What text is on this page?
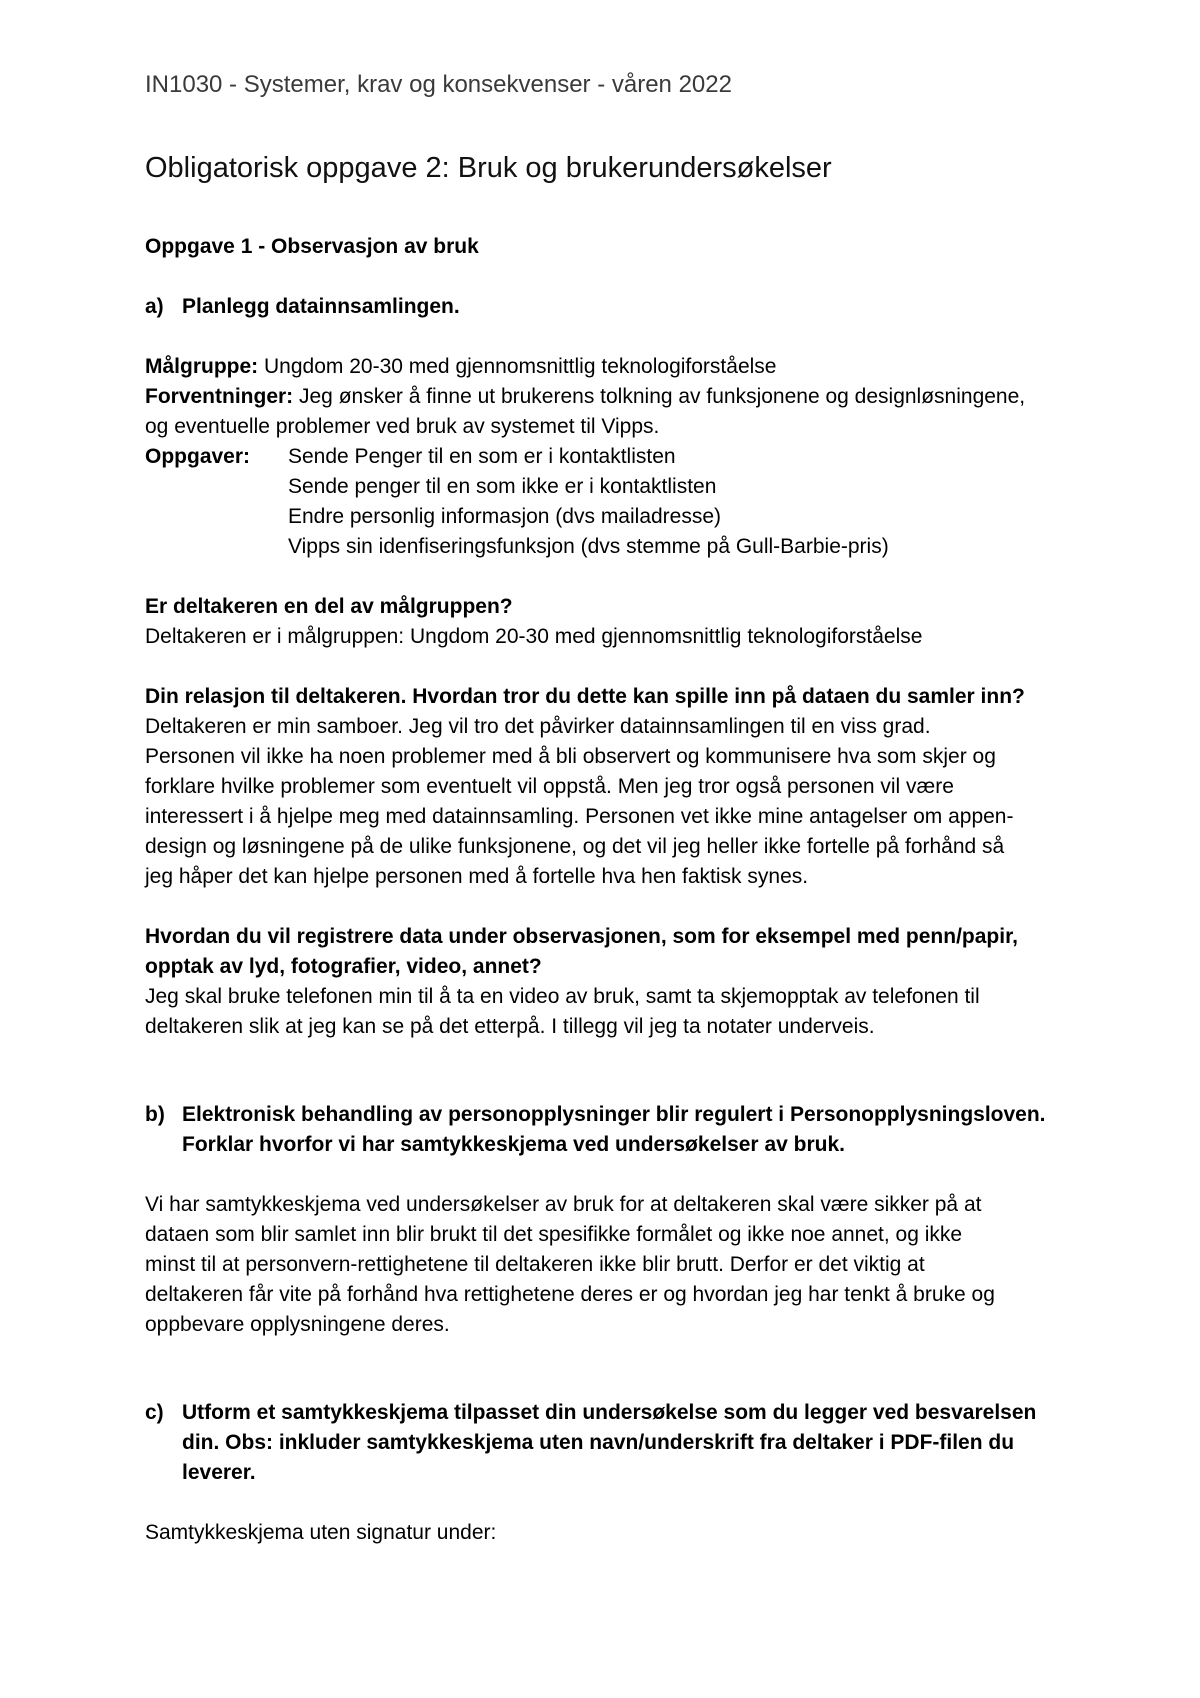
IN1030 - Systemer, krav og konsekvenser - våren 2022

Obligatorisk oppgave 2: Bruk og brukerundersøkelser

Oppgave 1 - Observasjon av bruk

a) Planlegg datainnsamlingen.

Målgruppe: Ungdom 20-30 med gjennomsnittlig teknologiforståelse

Forventninger: Jeg ønsker å finne ut brukerens tolkning av funksjonene og designløsningene,

og eventuelle problemer ved bruk av systemet til Vipps.

Oppgaver:	Sende Penger til en som er i kontaktlisten

Sende penger til en som ikke er i kontaktlisten

Endre personlig informasjon (dvs mailadresse)

Vipps sin idenfiseringsfunksjon (dvs stemme på Gull-Barbie-pris)

Er deltakeren en del av målgruppen?

Deltakeren er i målgruppen: Ungdom 20-30 med gjennomsnittlig teknologiforståelse

Din relasjon til deltakeren. Hvordan tror du dette kan spille inn på dataen du samler inn?

Deltakeren er min samboer. Jeg vil tro det påvirker datainnsamlingen til en viss grad.

Personen vil ikke ha noen problemer med å bli observert og kommunisere hva som skjer og

forklare hvilke problemer som eventuelt vil oppstå. Men jeg tror også personen vil være

interessert i å hjelpe meg med datainnsamling. Personen vet ikke mine antagelser om appen-

design og løsningene på de ulike funksjonene, og det vil jeg heller ikke fortelle på forhånd så

jeg håper det kan hjelpe personen med å fortelle hva hen faktisk synes.

Hvordan du vil registrere data under observasjonen, som for eksempel med penn/papir,

opptak av lyd, fotografier, video, annet?

Jeg skal bruke telefonen min til å ta en video av bruk, samt ta skjemopptak av telefonen til

deltakeren slik at jeg kan se på det etterpå. I tillegg vil jeg ta notater underveis.

b) Elektronisk behandling av personopplysninger blir regulert i Personopplysningsloven.
Forklar hvorfor vi har samtykkeskjema ved undersøkelser av bruk.

Vi har samtykkeskjema ved undersøkelser av bruk for at deltakeren skal være sikker på at

dataen som blir samlet inn blir brukt til det spesifikke formålet og ikke noe annet, og ikke

minst til at personvern-rettighetene til deltakeren ikke blir brutt. Derfor er det viktig at

deltakeren får vite på forhånd hva rettighetene deres er og hvordan jeg har tenkt å bruke og

oppbevare opplysningene deres.

c) Utform et samtykkeskjema tilpasset din undersøkelse som du legger ved besvarelsen
din. Obs: inkluder samtykkeskjema uten navn/underskrift fra deltaker i PDF-filen du
leverer.

Samtykkeskjema uten signatur under:
